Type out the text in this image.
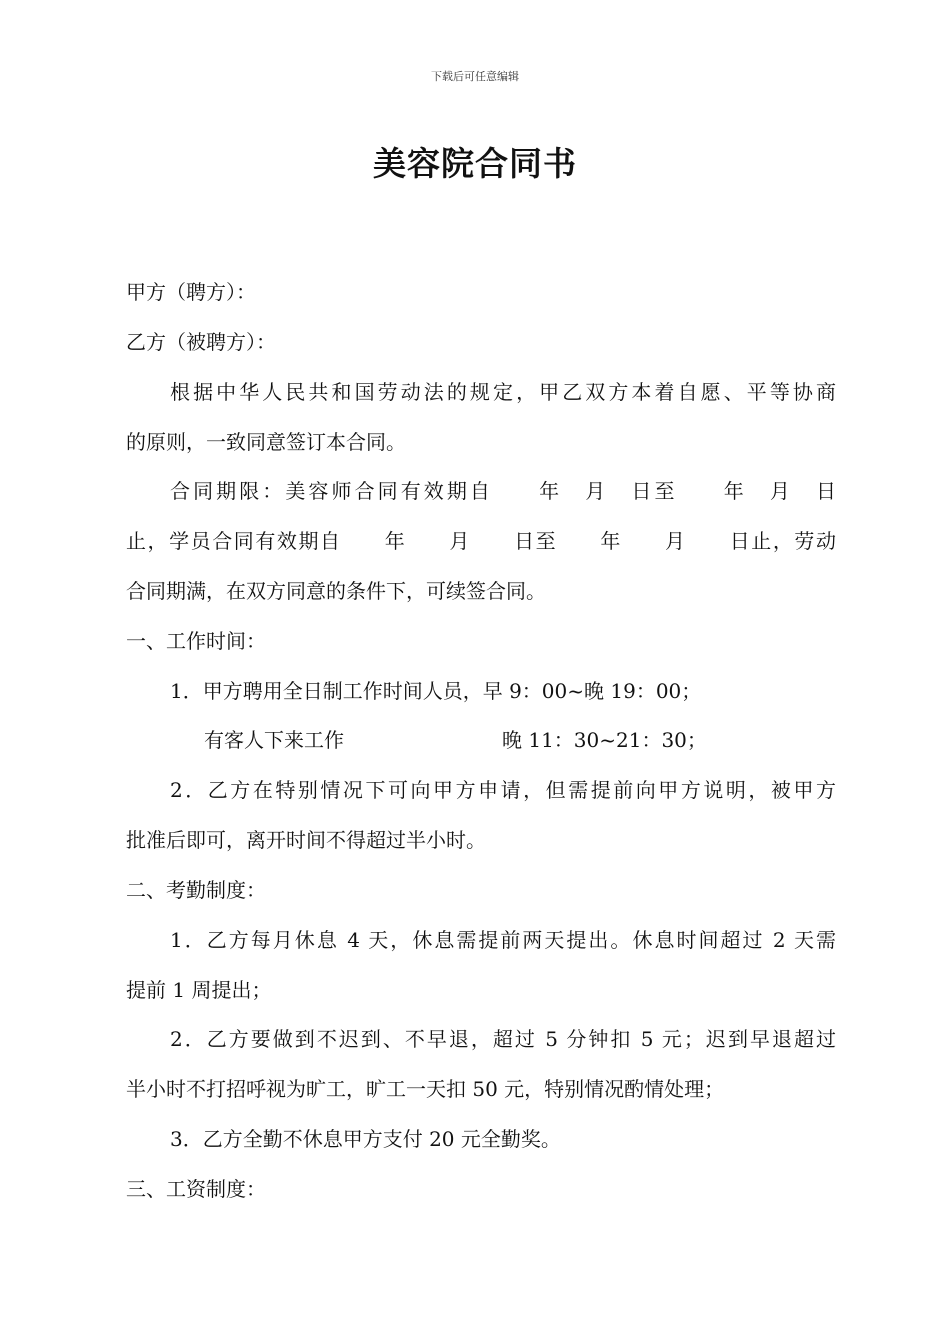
下载后可任意编辑
美容院合同书
甲方（聘方）：
乙方（被聘方）：
根据中华人民共和国劳动法的规定，甲乙双方本着自愿、平等协商
的原则，一致同意签订本合同。
合同期限：美容师合同有效期自　　年　月　日至　　年　月　日
止，学员合同有效期自　　年　　月　　日至　　年　　月　　日止，劳动
合同期满，在双方同意的条件下，可续签合同。
一、工作时间：
1．甲方聘用全日制工作时间人员，早 9：00~晚 19：00；
有客人下来工作	晚 11：30~21：30；
2．乙方在特别情况下可向甲方申请，但需提前向甲方说明，被甲方
批准后即可，离开时间不得超过半小时。
二、考勤制度：
1．乙方每月休息 4 天，休息需提前两天提出。休息时间超过 2 天需
提前 1 周提出；
2．乙方要做到不迟到、不早退，超过 5 分钟扣 5 元；迟到早退超过
半小时不打招呼视为旷工，旷工一天扣 50 元，特别情况酌情处理；
3．乙方全勤不休息甲方支付 20 元全勤奖。
三、工资制度：
